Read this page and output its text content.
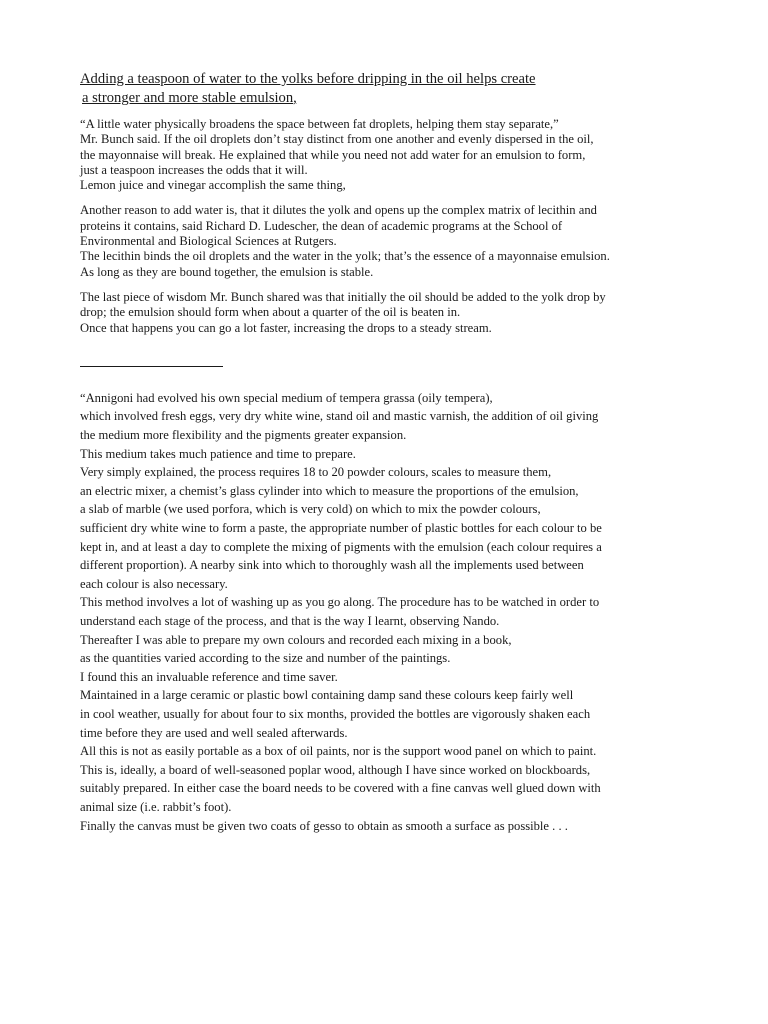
Adding a teaspoon of water to the yolks before dripping in the oil helps create
a stronger and more stable emulsion,

“A little water physically broadens the space between fat droplets, helping them stay separate,”

Mr. Bunch said. If the oil droplets don’t stay distinct from one another and evenly dispersed in the oil,

the mayonnaise will break. He explained that while you need not add water for an emulsion to form,

just a teaspoon increases the odds that it will.

Lemon juice and vinegar accomplish the same thing,

Another reason to add water is, that it dilutes the yolk and opens up the complex matrix of lecithin and

proteins it contains, said Richard D. Ludescher, the dean of academic programs at the School of

Environmental and Biological Sciences at Rutgers.

The lecithin binds the oil droplets and the water in the yolk; that’s the essence of a mayonnaise emulsion.

As long as they are bound together, the emulsion is stable.

The last piece of wisdom Mr. Bunch shared was that initially the oil should be added to the yolk drop by

drop; the emulsion should form when about a quarter of the oil is beaten in.

Once that happens you can go a lot faster, increasing the drops to a steady stream.

“Annigoni had evolved his own special medium of tempera grassa (oily tempera),

which involved fresh eggs, very dry white wine, stand oil and mastic varnish, the addition of oil giving

the medium more flexibility and the pigments greater expansion.

This medium takes much patience and time to prepare.

Very simply explained, the process requires 18 to 20 powder colours, scales to measure them,

an electric mixer, a chemist’s glass cylinder into which to measure the proportions of the emulsion,

a slab of marble (we used porfora, which is very cold) on which to mix the powder colours,

sufficient dry white wine to form a paste, the appropriate number of plastic bottles for each colour to be

kept in, and at least a day to complete the mixing of pigments with the emulsion (each colour requires a

different proportion). A nearby sink into which to thoroughly wash all the implements used between

each colour is also necessary.

This method involves a lot of washing up as you go along. The procedure has to be watched in order to

understand each stage of the process, and that is the way I learnt, observing Nando.

Thereafter I was able to prepare my own colours and recorded each mixing in a book,

as the quantities varied according to the size and number of the paintings.

I found this an invaluable reference and time saver.

Maintained in a large ceramic or plastic bowl containing damp sand these colours keep fairly well

in cool weather, usually for about four to six months, provided the bottles are vigorously shaken each

time before they are used and well sealed afterwards.

All this is not as easily portable as a box of oil paints, nor is the support wood panel on which to paint.

This is, ideally, a board of well-seasoned poplar wood, although I have since worked on blockboards,

suitably prepared. In either case the board needs to be covered with a fine canvas well glued down with

animal size (i.e. rabbit’s foot).

Finally the canvas must be given two coats of gesso to obtain as smooth a surface as possible . . .
